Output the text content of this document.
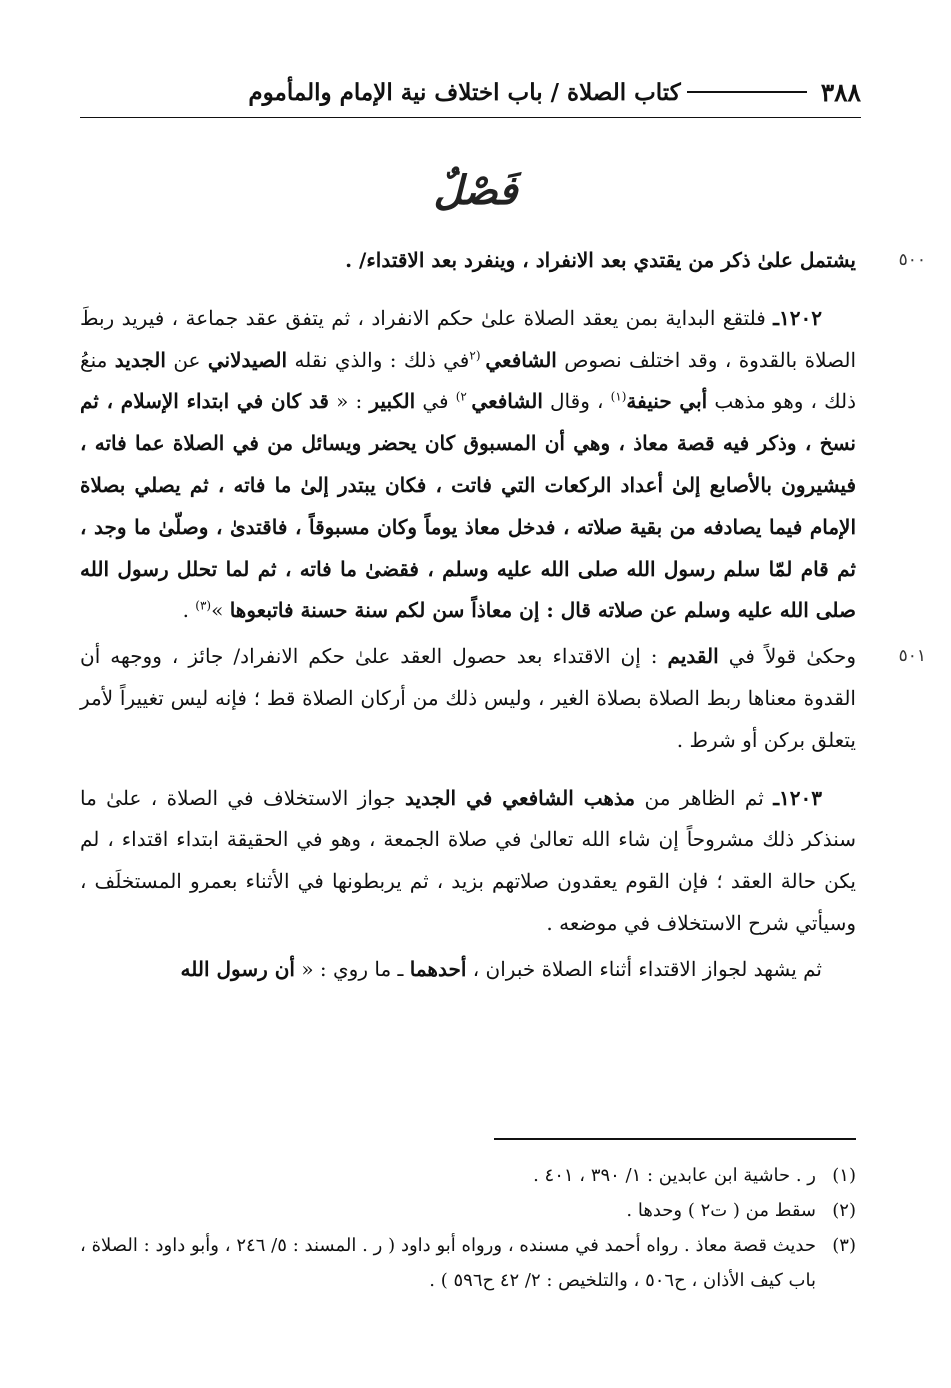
٣٨٨
كتاب الصلاة / باب اختلاف نية الإمام والمأموم
فَصْلٌ

٥٠٠
يشتمل علىٰ ذكر من يقتدي بعد الانفراد ، وينفرد بعد الاقتداء/ .

١٢٠٢ـ فلتقع البداية بمن يعقد الصلاة علىٰ حكم الانفراد ، ثم يتفق عقد جماعة ، فيريد ربطَ الصلاة بالقدوة ، وقد اختلف نصوص الشافعي $^{(٢}$في ذلك : والذي نقله الصيدلاني عن الجديد منعُ ذلك ، وهو مذهب أبي حنيفة$^{(١)}$ ، وقال الشافعي $^{٢)}$ في الكبير : « قد كان في ابتداء الإسلام ، ثم نسخ ، وذكر فيه قصة معاذ ، وهي أن المسبوق كان يحضر ويسائل من في الصلاة عما فاته ، فيشيرون بالأصابع إلىٰ أعداد الركعات التي فاتت ، فكان يبتدر إلىٰ ما فاته ، ثم يصلي بصلاة الإمام فيما يصادفه من بقية صلاته ، فدخل معاذ يوماً وكان مسبوقاً ، فاقتدىٰ ، وصلّىٰ ما وجد ، ثم قام لمّا سلم رسول الله صلى الله عليه وسلم ، فقضىٰ ما فاته ، ثم لما تحلل رسول الله صلى الله عليه وسلم عن صلاته قال : إن معاذاً سن لكم سنة حسنة فاتبعوها »$^{(٣)}$ .

٥٠١
وحكىٰ قولاً في القديم : إن الاقتداء بعد حصول العقد علىٰ حكم الانفراد/ جائز ، ووجهه أن القدوة معناها ربط الصلاة بصلاة الغير ، وليس ذلك من أركان الصلاة قط ؛ فإنه ليس تغييراً لأمر يتعلق بركن أو شرط .

١٢٠٣ـ ثم الظاهر من مذهب الشافعي في الجديد جواز الاستخلاف في الصلاة ، علىٰ ما سنذكر ذلك مشروحاً إن شاء الله تعالىٰ في صلاة الجمعة ، وهو في الحقيقة ابتداء اقتداء ، لم يكن حالة العقد ؛ فإن القوم يعقدون صلاتهم بزيد ، ثم يربطونها في الأثناء بعمرو المستخلَف ، وسيأتي شرح الاستخلاف في موضعه .

ثم يشهد لجواز الاقتداء أثناء الصلاة خبران ، أحدهما ـ ما روي : « أن رسول الله

(١)
ر . حاشية ابن عابدين : ١/ ٣٩٠ ، ٤٠١ .
(٢)
سقط من ( ت٢ ) وحدها .
(٣)
حديث قصة معاذ . رواه أحمد في مسنده ، ورواه أبو داود ( ر . المسند : ٥/ ٢٤٦ ، وأبو داود : الصلاة ، باب كيف الأذان ، ح٥٠٦ ، والتلخيص : ٢/ ٤٢ ح٥٩٦ ) .
